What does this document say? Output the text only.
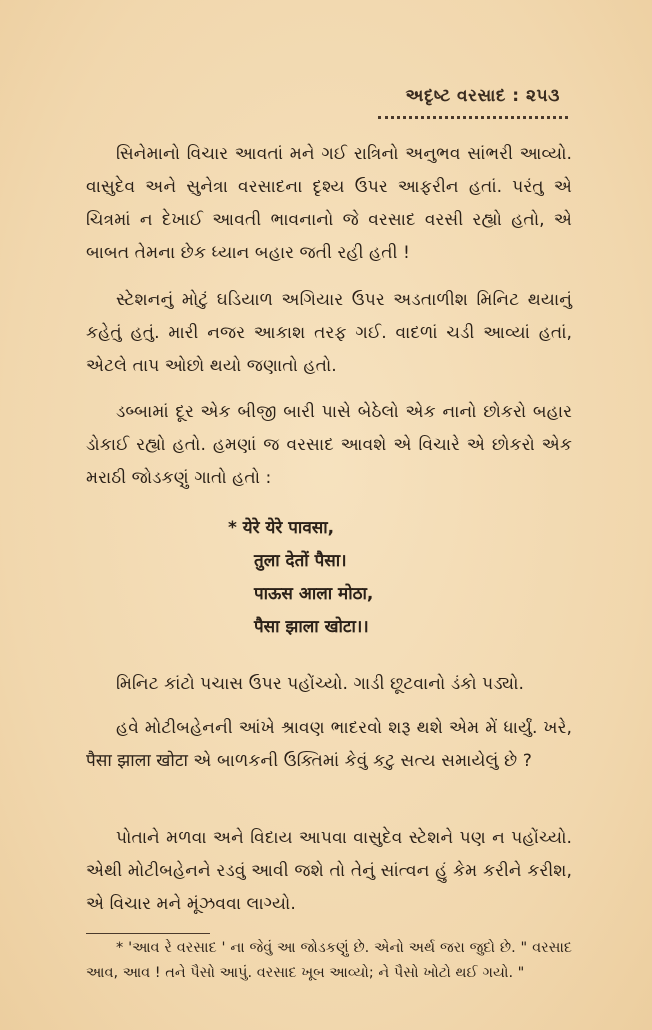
અદૃષ્ટ વરસાદ : ૨૫૩

સિનેમાનો વિચાર આવતાં મને ગઈ રાત્રિનો અનુભવ સાંભરી આવ્યો. વાસુદેવ અને સુનેત્રા વરસાદના દૃશ્ય ઉપર આફરીન હતાં. પરંતુ એ ચિત્રમાં ન દેખાઈ આવતી ભાવનાનો જે વરસાદ વરસી રહ્યો હતો, એ બાબત તેમના છેક ધ્યાન બહાર જતી રહી હતી !

સ્ટેશનનું મોટું ઘડિયાળ અગિયાર ઉપર અડતાળીશ મિનિટ થયાનું કહેતું હતું. મારી નજર આકાશ તરફ ગઈ. વાદળાં ચડી આવ્યાં હતાં, એટલે તાપ ઓછો થયો જણાતો હતો.

ડબ્બામાં દૂર એક બીજી બારી પાસે બેઠેલો એક નાનો છોકરો બહાર ડોકાઈ રહ્યો હતો. હમણાં જ વરસાદ આવશે એ વિચારે એ છોકરો એક મરાઠી જોડકણું ગાતો હતો :

* येरे येरे पावसा,
तुला देतों पैसा।
पाऊस आला मोठा,
पैसा झाला खोटा।।

મિનિટ કાંટો પચાસ ઉપર પહોંચ્યો. ગાડી છૂટવાનો ડંકો પડ્યો.

હવે મોટીબહેનની આંખે શ્રાવણ ભાદરવો શરૂ થશે એમ મેં ધાર્યું. ખરે, पैसा झाला खोटा એ બાળકની ઉક્તિમાં કેવું કટુ સત્ય સમાયેલું છે ?

પોતાને મળવા અને વિદાય આપવા વાસુદેવ સ્ટેશને પણ ન પહોંચ્યો. એથી મોટીબહેનને રડવું આવી જશે તો તેનું સાંત્વન હું કેમ કરીને કરીશ, એ વિચાર મને મૂંઝવવા લાગ્યો.

* 'આવ રે વરસાદ ' ના જેવું આ જોડકણું છે. એનો અર્થ જરા જુદો છે. " વરસાદ આવ, આવ ! તને પૈસો આપું. વરસાદ ખૂબ આવ્યો; ને પૈસો ખોટો થઈ ગયો. "
